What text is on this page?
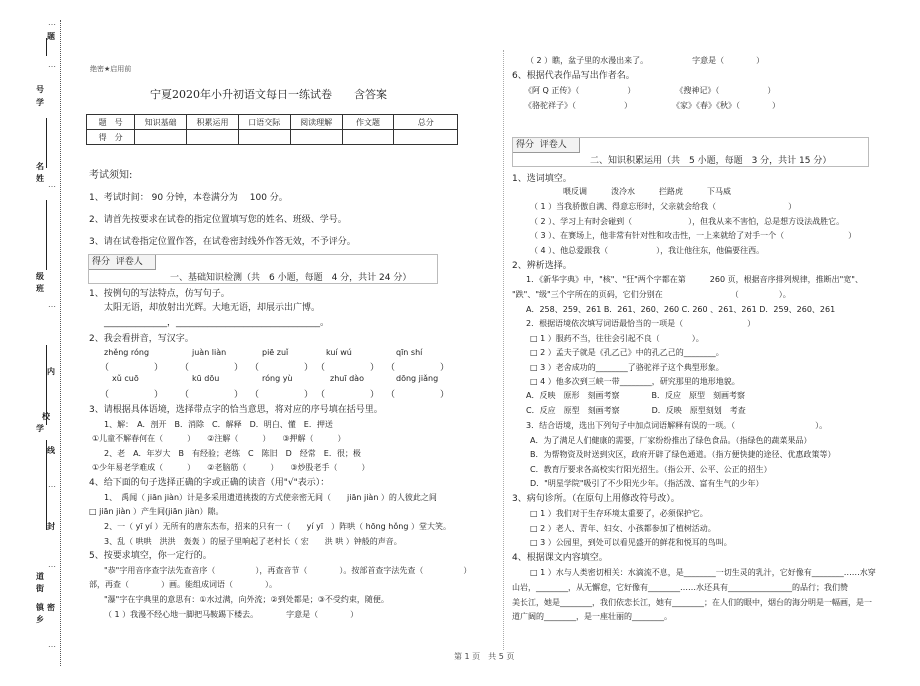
题
号
学
名
姓
级
班
内
校
学
线
封
道
街
镇 密
乡
…
…
…
…
…
…
…
绝密★启用前
宁夏2020年小升初语文每日一练试卷　　含答案
题　号	知识基础	积累运用	口语交际	阅读理解	作文题	总分
得　分						
考试须知:
1、考试时间： 90 分钟，本卷满分为　 100 分。
2、请首先按要求在试卷的指定位置填写您的姓名、班级、学号。
3、请在试卷指定位置作答，在试卷密封线外作答无效，不予评分。
得分 评卷人
一、基础知识检测（共　6 小题，每题　4 分，共计 24 分）
1、按例句的写法特点，仿写句子。
太阳无语，却放射出光辉。大地无语，却展示出广博。
______________，________________________________。
2、我会看拼音，写汉字。
zhěng róng	juàn liàn	piē zuǐ	kuí wú	qīn shí
（　　　　　） （　　　　　） （　　　　　） （　　　　　） （　　　　　）
xǔ cuō	kū dōu	róng yù	zhuī dào	dōng jiǎng
（　　　　　） （　　　　　） （　　　　　） （　　　　　） （　　　　　）
3、请根据具体语境，选择带点字的恰当意思，将对应的序号填在括号里。
1、解：　A．剖开　B．消除　C．解释　D．明白、懂　E．押送
①儿童不解春何在（　　　）　　②注解（　　　）　　③押解（　　　）
2、老　A．年岁大　B　有经验；老练　C　陈旧　D　经常　E．很；极
①少年易老学难成（　　　）　　②老脑筋（　　　）　　③炒股老手（　　　）
4、给下面的句子选择正确的字或正确的读音（用"√"表示）：
1、　禹闻（ jiān jiàn）计是多采用遗道挑拨的方式使亲密无间（　　jiān jiàn ）的人彼此之间
□ jiān jiàn ）产生间(jiān jiàn）隙。
2、一（ yī yí ）无所有的唐东杰布，招来的只有一（　　yí yī　）阵哄（ hōng hǒng ）堂大笑。
3、乱（ 哄哄　洪洪　轰轰 ）的屋子里响起了老村长（ 宏　　洪 哄 ）钟般的声音。
5、按要求填空，你一定行的。
"恭"字用音序查字法先查音序（　　　　　），再查音节（　　　　）。按部首查字法先查（　　　　　）
部，再查（　　　　）画。能组成词语（　　　　）。
"瀑"字在字典里的意思有：①水过满，向外流；②到处都是；③不受约束，随便。
（ 1 ）我漫不经心地一脚把马鞍踢下楼去。　　　　字意是（　　　　）
（ 2 ）瞧，盆子里的水漫出来了。　　　　　　字意是（　　　　）
6、根据代表作品写出作者名。
《阿 Q 正传》（　　　　　　）　　　　　　《搜神记》（　　　　　　）
《骆驼祥子》（　　　　　　）　　　　　　《家》《春》《秋》（　　　　）
得分 评卷人
二、知识积累运用（共　5 小题，每题　3 分，共计 15 分）
1、选词填空。
喂反调　　　泼冷水　　　拦路虎　　　下马威
（ 1 ）当我骄傲自满、得意忘形时，父亲就会给我（　　　　　　　　　）
（ 2 ）、学习上有时会碰到（　　　　　　　），但我从来不害怕，总是想方设法战胜它。
（ 3 ）、在赛场上，他非常有针对性和攻击性，一上来就给了对手一个（　　　　　　　　）
（ 4 ）、他总爱跟我（　　　　　　），我让他往东，他偏要往西。
2、辨析选择。
1．《新华字典》中，"核"、"狂"两个字都在第　　　260 页，根据音序排列规律，推断出"宽"、
"跌"、"级"三个字所在的页码，它们分别在　　　　　　　　　（　　　　　）。
A．258、259、261 B．261、260、260 C. 260 、261、261 D．259、260、261
2．根据语境依次填写词语最恰当的一项是（　　　　　　　　）
□ 1 ）服药不当，往往会引起不良（　　　　）。
□ 2 ）孟夫子就是《孔乙己》中的孔乙己的________。
□ 3 ）老舍成功的________了骆驼祥子这个典型形象。
□ 4 ）他多次到三峡一带________，研究那里的地形地貌。
A．反映　原形　刻画考察　　　　B．反应　原型　刻画考察
C．反应　原型　刻画考察　　　　D．反映　原型刻划　考查
3．结合语境，选出下列句子中加点词语解释有误的一项。（　　　　　　　　　　）。
A．为了满足人们健康的需要，厂家纷纷推出了绿色食品。（指绿色的蔬菜果品）
B．为帮物资及时送到灾区，政府开辟了绿色通道。（指方便快捷的途径、优惠政策等）
C．教育厅要求各高校实行阳光招生。（指公开、公平、公正的招生）
D．"明星学院"吸引了不少阳光少年。（指活泼、富有生气的少年）
3、病句诊所。（在原句上用修改符号改）。
□ 1 ）我们对于生存环境太重要了，必须保护它。
□ 2 ）老人、青年、妇女、小孩都参加了植树活动。
□ 3 ）公园里，到处可以看见盛开的鲜花和悦耳的鸟叫。
4、根据课文内容填空。
□ 1 ）水与人类密切相关：水滴流不息，是________一切生灵的乳汁，它好像有________……水穿
山岩，________，从无懈怠，它好像有________……水还具有________________的品行；我们赞
美长江，她是________，我们依恋长江，她有________；在人们的眼中，烟台的海分明是一幅画，是一
道广阔的________，是一座壮丽的________。
第 1 页　共 5 页
